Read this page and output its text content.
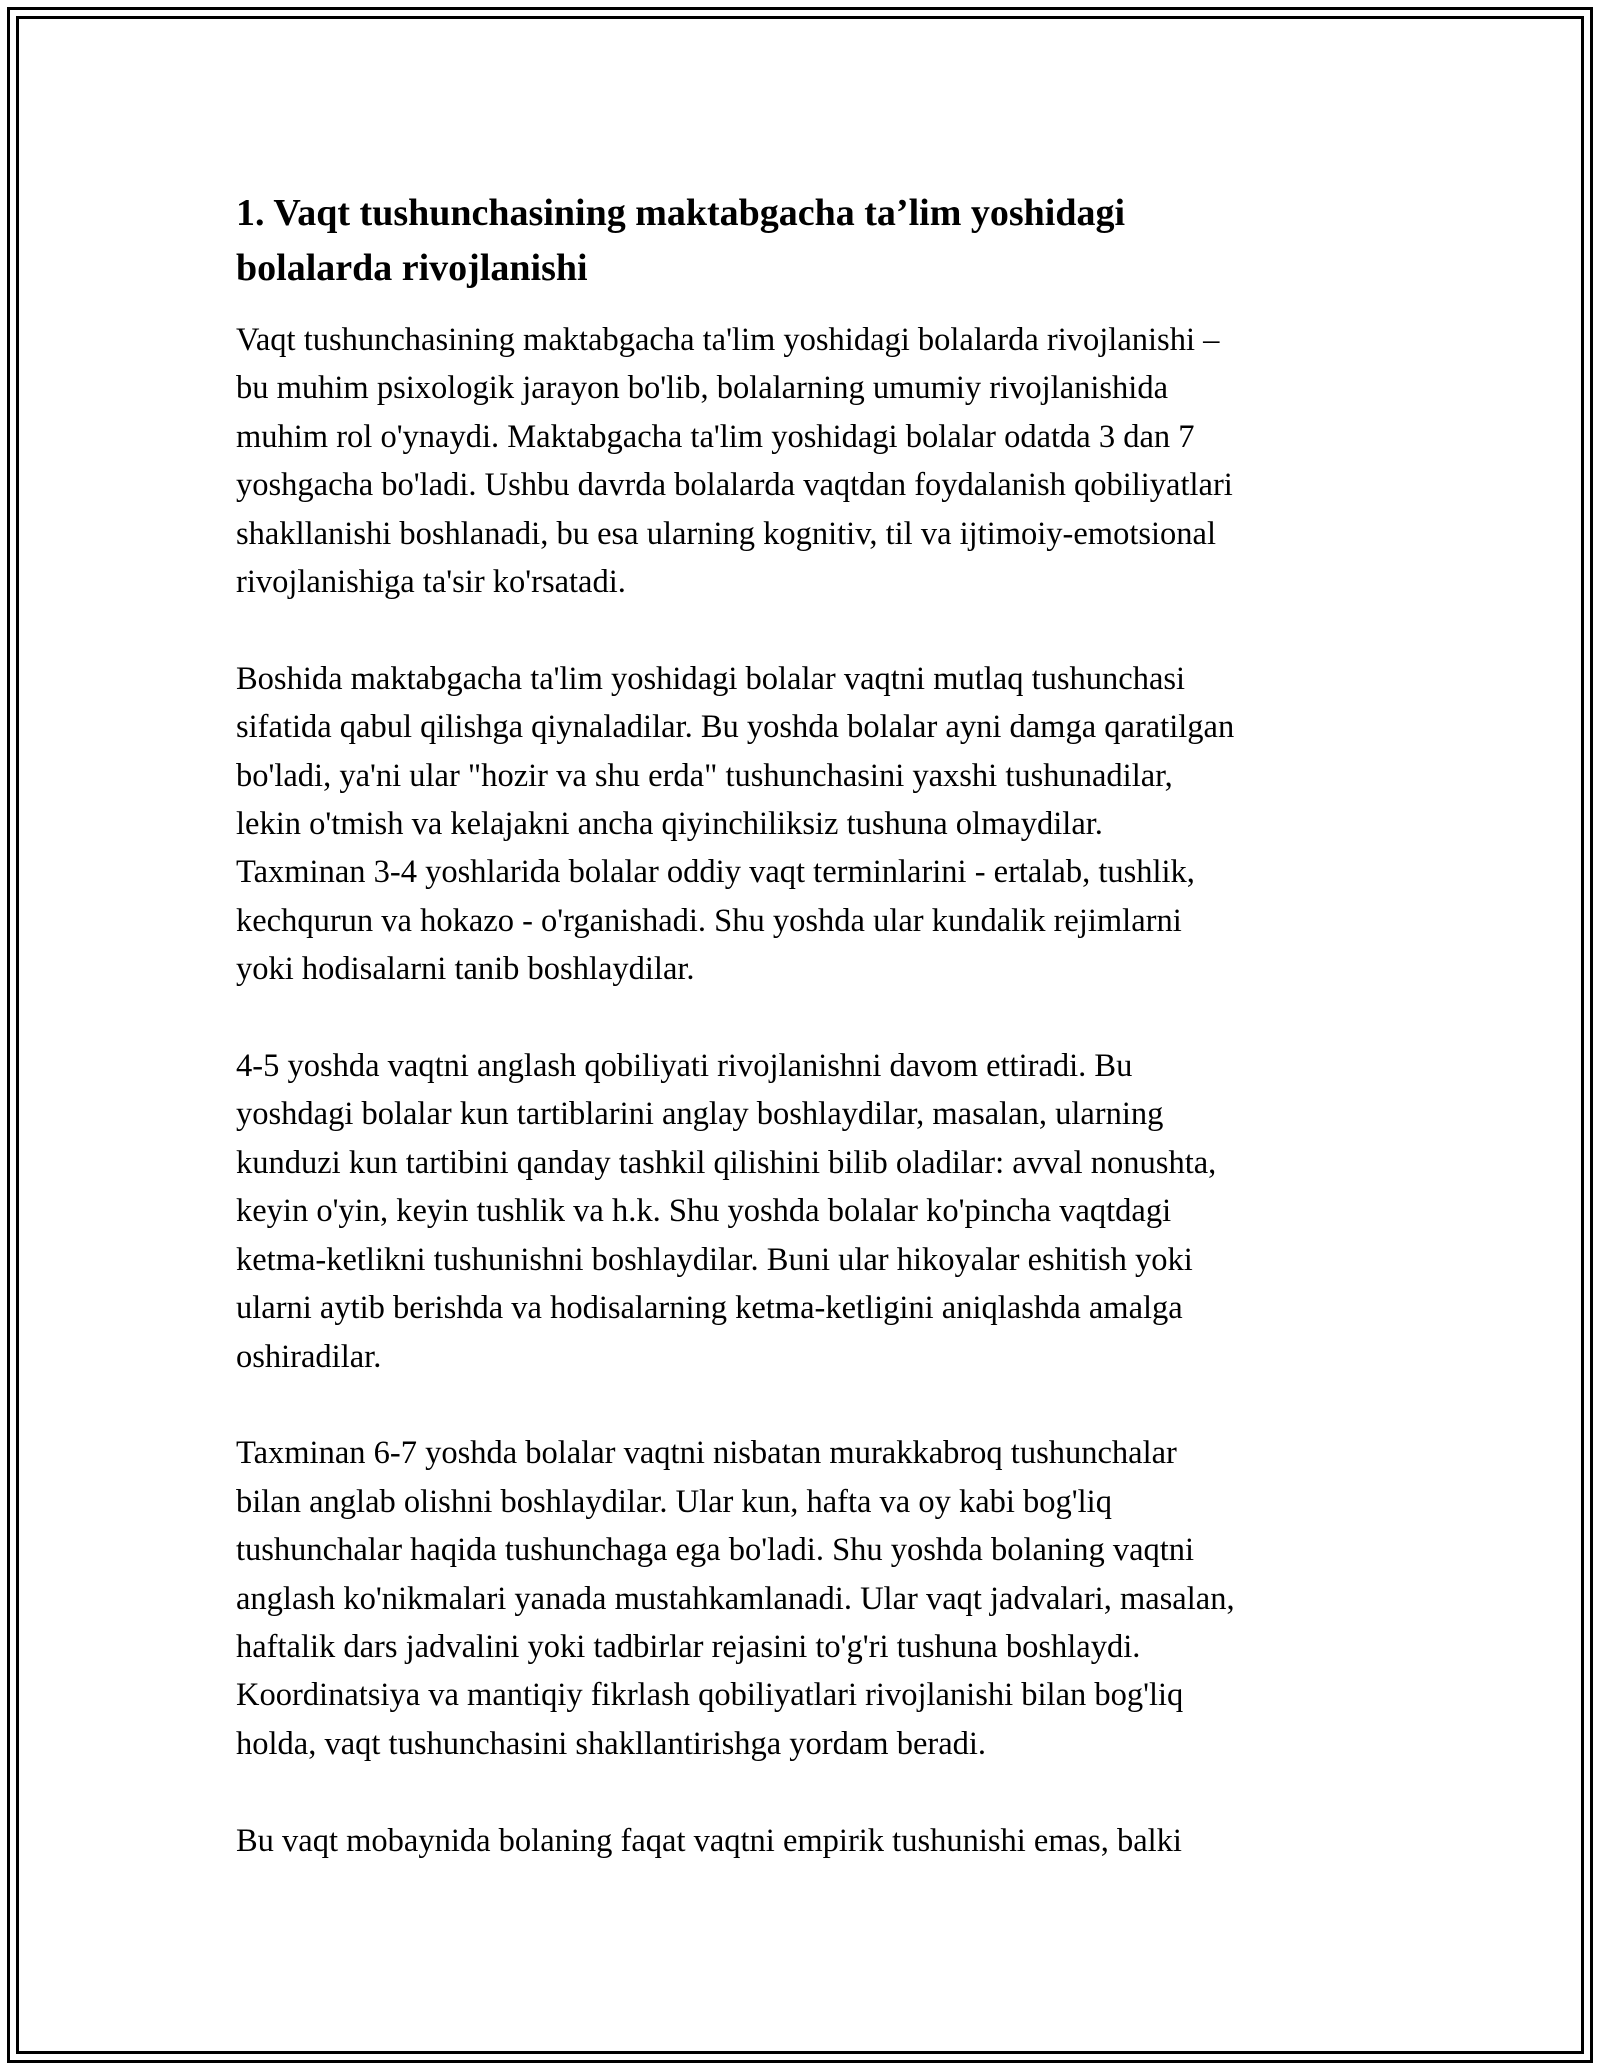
1. Vaqt tushunchasining maktabgacha ta’lim yoshidagi
bolalarda rivojlanishi
Vaqt tushunchasining maktabgacha ta'lim yoshidagi bolalarda rivojlanishi –
bu muhim psixologik jarayon bo'lib, bolalarning umumiy rivojlanishida
muhim rol o'ynaydi. Maktabgacha ta'lim yoshidagi bolalar odatda 3 dan 7
yoshgacha bo'ladi. Ushbu davrda bolalarda vaqtdan foydalanish qobiliyatlari
shakllanishi boshlanadi, bu esa ularning kognitiv, til va ijtimoiy-emotsional
rivojlanishiga ta'sir ko'rsatadi.
Boshida maktabgacha ta'lim yoshidagi bolalar vaqtni mutlaq tushunchasi
sifatida qabul qilishga qiynaladilar. Bu yoshda bolalar ayni damga qaratilgan
bo'ladi, ya'ni ular "hozir va shu erda" tushunchasini yaxshi tushunadilar,
lekin o'tmish va kelajakni ancha qiyinchiliksiz tushuna olmaydilar.
Taxminan 3-4 yoshlarida bolalar oddiy vaqt terminlarini - ertalab, tushlik,
kechqurun va hokazo - o'rganishadi. Shu yoshda ular kundalik rejimlarni
yoki hodisalarni tanib boshlaydilar.
4-5 yoshda vaqtni anglash qobiliyati rivojlanishni davom ettiradi. Bu
yoshdagi bolalar kun tartiblarini anglay boshlaydilar, masalan, ularning
kunduzi kun tartibini qanday tashkil qilishini bilib oladilar: avval nonushta,
keyin o'yin, keyin tushlik va h.k. Shu yoshda bolalar ko'pincha vaqtdagi
ketma-ketlikni tushunishni boshlaydilar. Buni ular hikoyalar eshitish yoki
ularni aytib berishda va hodisalarning ketma-ketligini aniqlashda amalga
oshiradilar.
Taxminan 6-7 yoshda bolalar vaqtni nisbatan murakkabroq tushunchalar
bilan anglab olishni boshlaydilar. Ular kun, hafta va oy kabi bog'liq
tushunchalar haqida tushunchaga ega bo'ladi. Shu yoshda bolaning vaqtni
anglash ko'nikmalari yanada mustahkamlanadi. Ular vaqt jadvalari, masalan,
haftalik dars jadvalini yoki tadbirlar rejasini to'g'ri tushuna boshlaydi.
Koordinatsiya va mantiqiy fikrlash qobiliyatlari rivojlanishi bilan bog'liq
holda, vaqt tushunchasini shakllantirishga yordam beradi.
Bu vaqt mobaynida bolaning faqat vaqtni empirik tushunishi emas, balki
